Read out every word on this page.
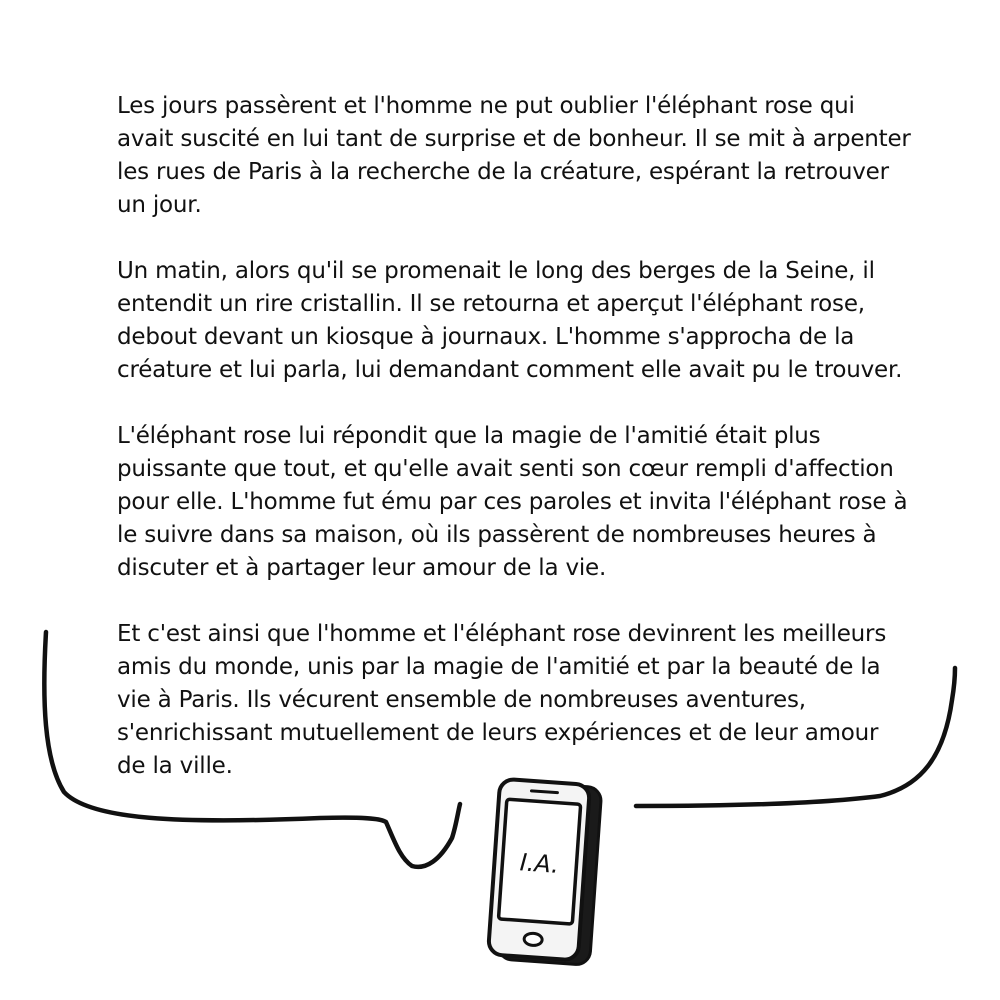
Les jours passèrent et l'homme ne put oublier l'éléphant rose qui
avait suscité en lui tant de surprise et de bonheur. Il se mit à arpenter
les rues de Paris à la recherche de la créature, espérant la retrouver
un jour.

Un matin, alors qu'il se promenait le long des berges de la Seine, il
entendit un rire cristallin. Il se retourna et aperçut l'éléphant rose,
debout devant un kiosque à journaux. L'homme s'approcha de la
créature et lui parla, lui demandant comment elle avait pu le trouver.

L'éléphant rose lui répondit que la magie de l'amitié était plus
puissante que tout, et qu'elle avait senti son cœur rempli d'affection
pour elle. L'homme fut ému par ces paroles et invita l'éléphant rose à
le suivre dans sa maison, où ils passèrent de nombreuses heures à
discuter et à partager leur amour de la vie.

Et c'est ainsi que l'homme et l'éléphant rose devinrent les meilleurs
amis du monde, unis par la magie de l'amitié et par la beauté de la
vie à Paris. Ils vécurent ensemble de nombreuses aventures,
s'enrichissant mutuellement de leurs expériences et de leur amour
de la ville.

I.A.
